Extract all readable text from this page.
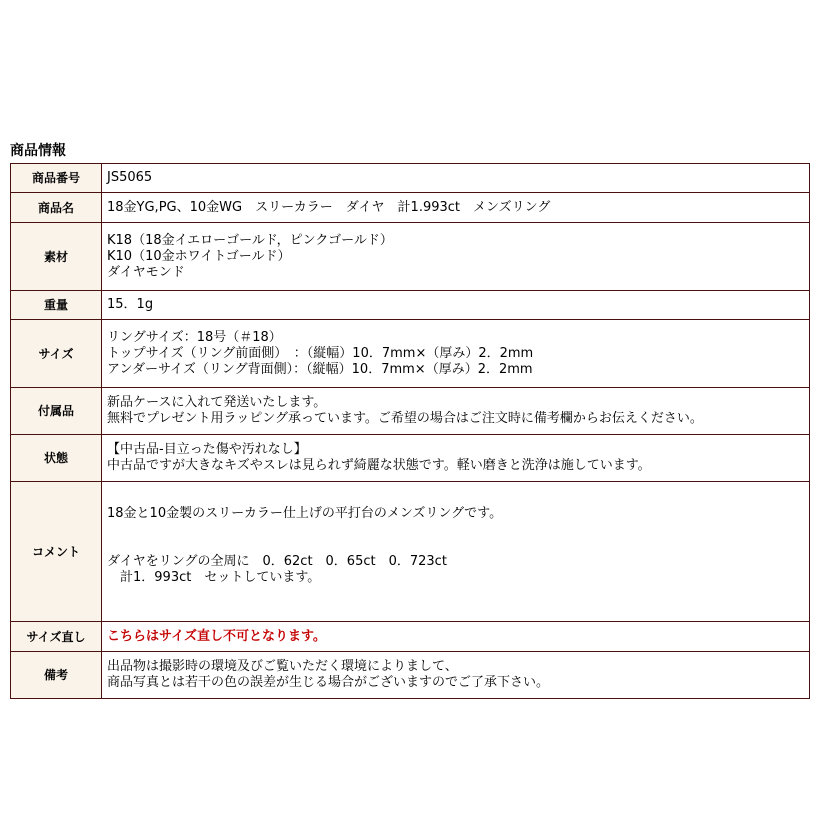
商品情報
商品番号	JS5065

商品名	18金YG,PG、10金WG　スリーカラー　ダイヤ　計1.993ct　メンズリング

素材	K18（18金イエローゴールド，ピンクゴールド）
K10（10金ホワイトゴールド）
ダイヤモンド

重量	15．1g

サイズ	リングサイズ：18号（＃18）
トップサイズ（リング前面側）　：（縦幅）10．7mm×（厚み）2．2mm
アンダーサイズ（リング背面側）：（縦幅）10．7mm×（厚み）2．2mm

付属品	新品ケースに入れて発送いたします。
無料でプレゼント用ラッピング承っています。ご希望の場合はご注文時に備考欄からお伝えください。

状態	【中古品-目立った傷や汚れなし】
中古品ですが大きなキズやスレは見られず綺麗な状態です。軽い磨きと洗浄は施しています。

コメント	18金と10金製のスリーカラー仕上げの平打台のメンズリングです。
ダイヤをリングの全周に　0．62ct　0．65ct　0．723ct
　計1．993ct　セットしています。

サイズ直し	こちらはサイズ直し不可となります。

備考	出品物は撮影時の環境及びご覧いただく環境によりまして、
商品写真とは若干の色の誤差が生じる場合がございますのでご了承下さい。
